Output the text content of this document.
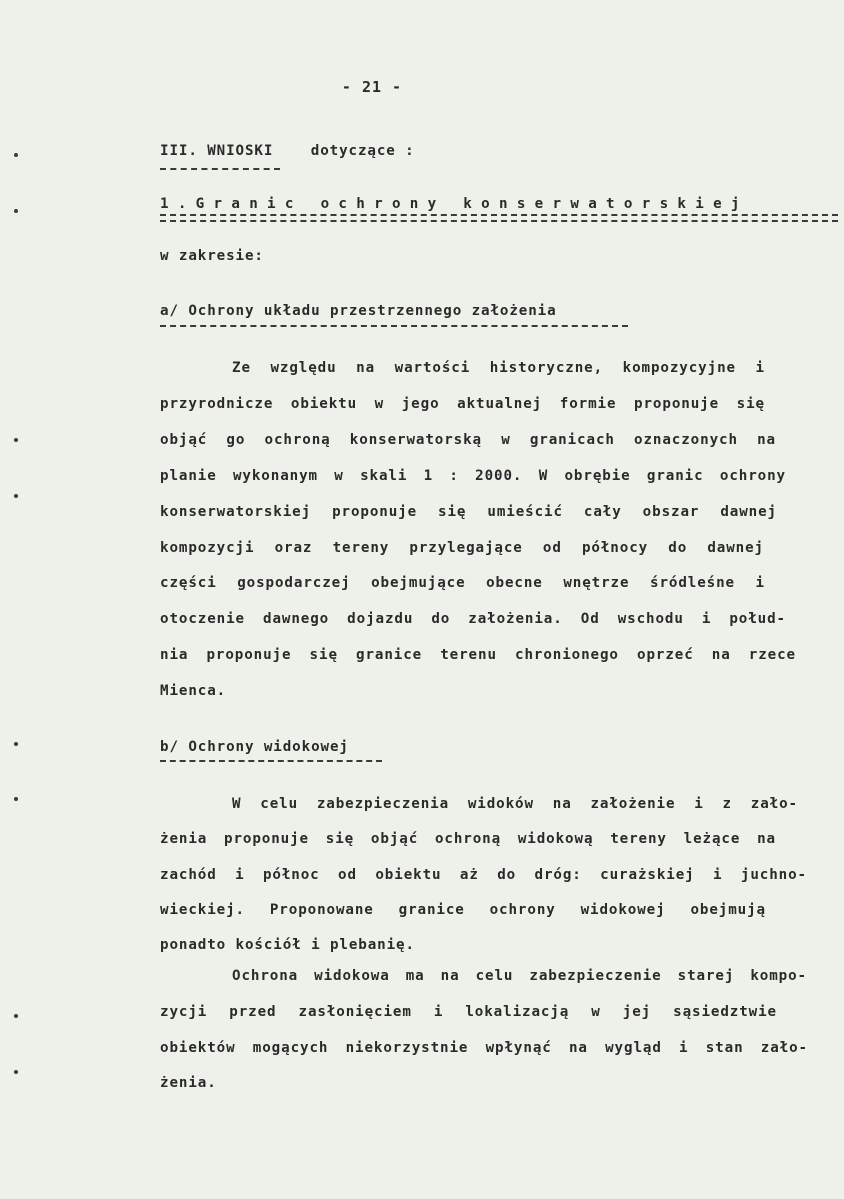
- 21 -
III. WNIOSKI	dotyczące :
1.Granic ochrony konserwatorskiej
w zakresie:
a/ Ochrony układu przestrzennego założenia
Ze względu na wartości historyczne, kompozycyjne i
przyrodnicze obiektu w jego aktualnej formie proponuje się
objąć go ochroną konserwatorską w granicach oznaczonych na
planie wykonanym w skali 1 : 2000. W obrębie granic ochrony
konserwatorskiej proponuje się umieścić cały obszar dawnej
kompozycji oraz tereny przylegające od północy do dawnej
części gospodarczej obejmujące obecne wnętrze śródleśne i
otoczenie dawnego dojazdu do założenia. Od wschodu i połud-
nia proponuje się granice terenu chronionego oprzeć na rzece
Mienca.
b/ Ochrony widokowej
W celu zabezpieczenia widoków na założenie i z zało-
żenia proponuje się objąć ochroną widokową tereny leżące na
zachód i północ od obiektu aż do dróg: curażskiej i juchno-
wieckiej. Proponowane granice ochrony widokowej obejmują
ponadto kościół i plebanię.
Ochrona widokowa ma na celu zabezpieczenie starej kompo-
zycji przed zasłonięciem i lokalizacją w jej sąsiedztwie
obiektów mogących niekorzystnie wpłynąć na wygląd i stan zało-
żenia.
